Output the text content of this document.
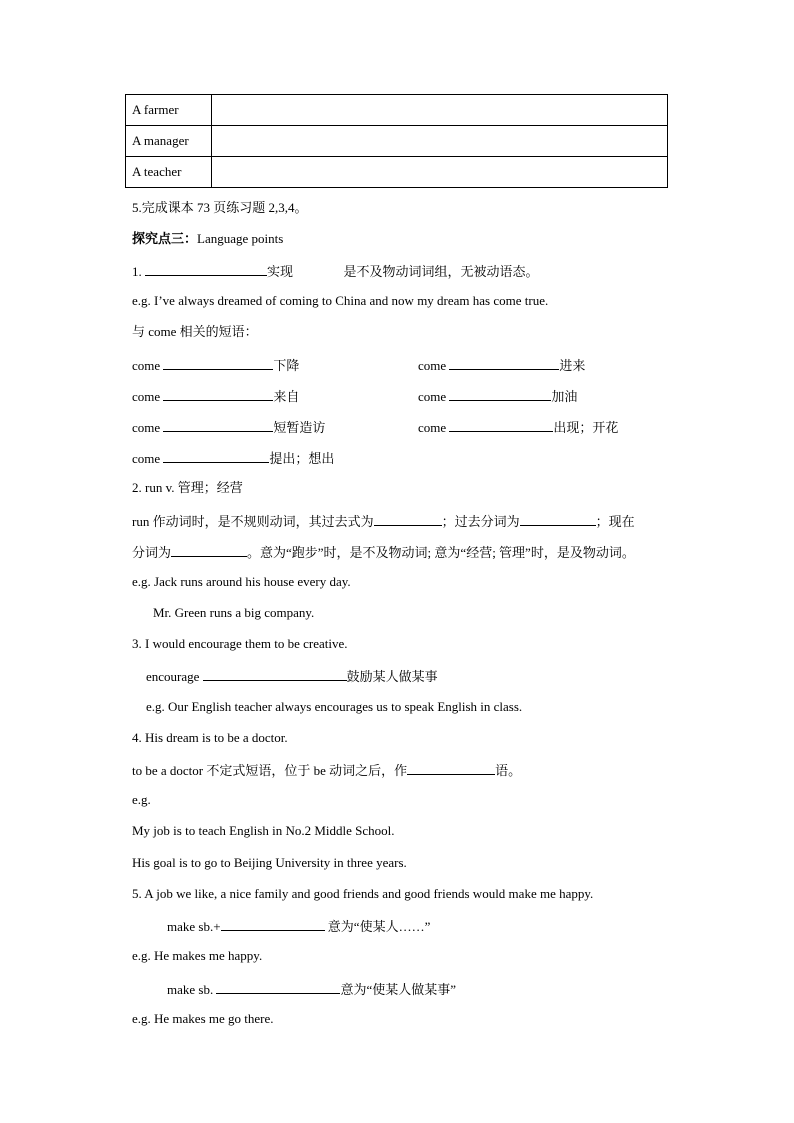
A farmer	
A manager	
A teacher	
5.完成课本 73 页练习题 2,3,4。
探究点三：Language points
1.	实现	是不及物动词词组，无被动语态。
e.g. I’ve always dreamed of coming to China and now my dream has come true.
与 come 相关的短语：
come	下降	come	进来
come	来自	come	加油
come	短暂造访	come	出现；开花
come	提出；想出
2. run v. 管理；经营
run 作动词时，是不规则动词，其过去式为	；过去分词为	；现在
分词为	。意为“跑步”时，是不及物动词; 意为“经营; 管理”时，是及物动词。
e.g. Jack runs around his house every day.
Mr. Green runs a big company.
3. I would encourage them to be creative.
encourage	鼓励某人做某事
e.g. Our English teacher always encourages us to speak English in class.
4. His dream is to be a doctor.
to be a doctor 不定式短语，位于 be 动词之后，作	语。
e.g.
My job is to teach English in No.2 Middle School.
His goal is to go to Beijing University in three years.
5. A job we like, a nice family and good friends and good friends would make me happy.
make sb.+	意为“使某人……”
e.g. He makes me happy.
make sb.	意为“使某人做某事”
e.g. He makes me go there.
